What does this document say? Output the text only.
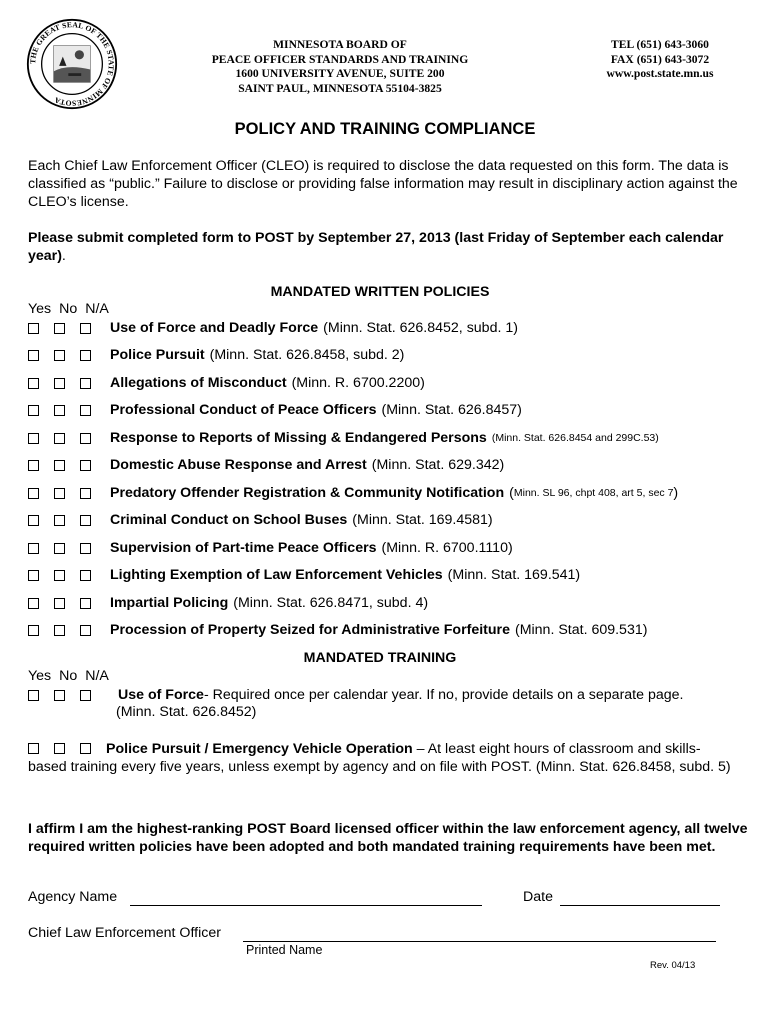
THE GREAT SEAL OF THE STATE OF MINNESOTA
MINNESOTA BOARD OF
PEACE OFFICER STANDARDS AND TRAINING
1600 UNIVERSITY AVENUE, SUITE 200
SAINT PAUL, MINNESOTA 55104-3825
TEL (651) 643-3060
FAX (651) 643-3072
www.post.state.mn.us
POLICY AND TRAINING COMPLIANCE
Each Chief Law Enforcement Officer (CLEO) is required to disclose the data requested on this form. The data is classified as “public.” Failure to disclose or providing false information may result in disciplinary action against the CLEO’s license.
Please submit completed form to POST by September 27, 2013 (last Friday of September each calendar year).
MANDATED WRITTEN POLICIES
Yes No N/A
Use of Force and Deadly Force (Minn. Stat. 626.8452, subd. 1)
Police Pursuit (Minn. Stat. 626.8458, subd. 2)
Allegations of Misconduct (Minn. R. 6700.2200)
Professional Conduct of Peace Officers (Minn. Stat. 626.8457)
Response to Reports of Missing & Endangered Persons (Minn. Stat. 626.8454 and 299C.53)
Domestic Abuse Response and Arrest (Minn. Stat. 629.342)
Predatory Offender Registration & Community Notification ( Minn. SL 96, chpt 408, art 5, sec 7 )
Criminal Conduct on School Buses (Minn. Stat. 169.4581)
Supervision of Part-time Peace Officers (Minn. R. 6700.1110)
Lighting Exemption of Law Enforcement Vehicles (Minn. Stat. 169.541)
Impartial Policing (Minn. Stat. 626.8471, subd. 4)
Procession of Property Seized for Administrative Forfeiture (Minn. Stat. 609.531)
MANDATED TRAINING
Yes No N/A
Use of Force - Required once per calendar year. If no, provide details on a separate page.
(Minn. Stat. 626.8452)
Police Pursuit / Emergency Vehicle Operation – At least eight hours of classroom and skills-based training every five years, unless exempt by agency and on file with POST. (Minn. Stat. 626.8458, subd. 5)
I affirm I am the highest-ranking POST Board licensed officer within the law enforcement agency, all twelve required written policies have been adopted and both mandated training requirements have been met.
Agency Name	Date
Chief Law Enforcement Officer
Printed Name
Rev. 04/13
